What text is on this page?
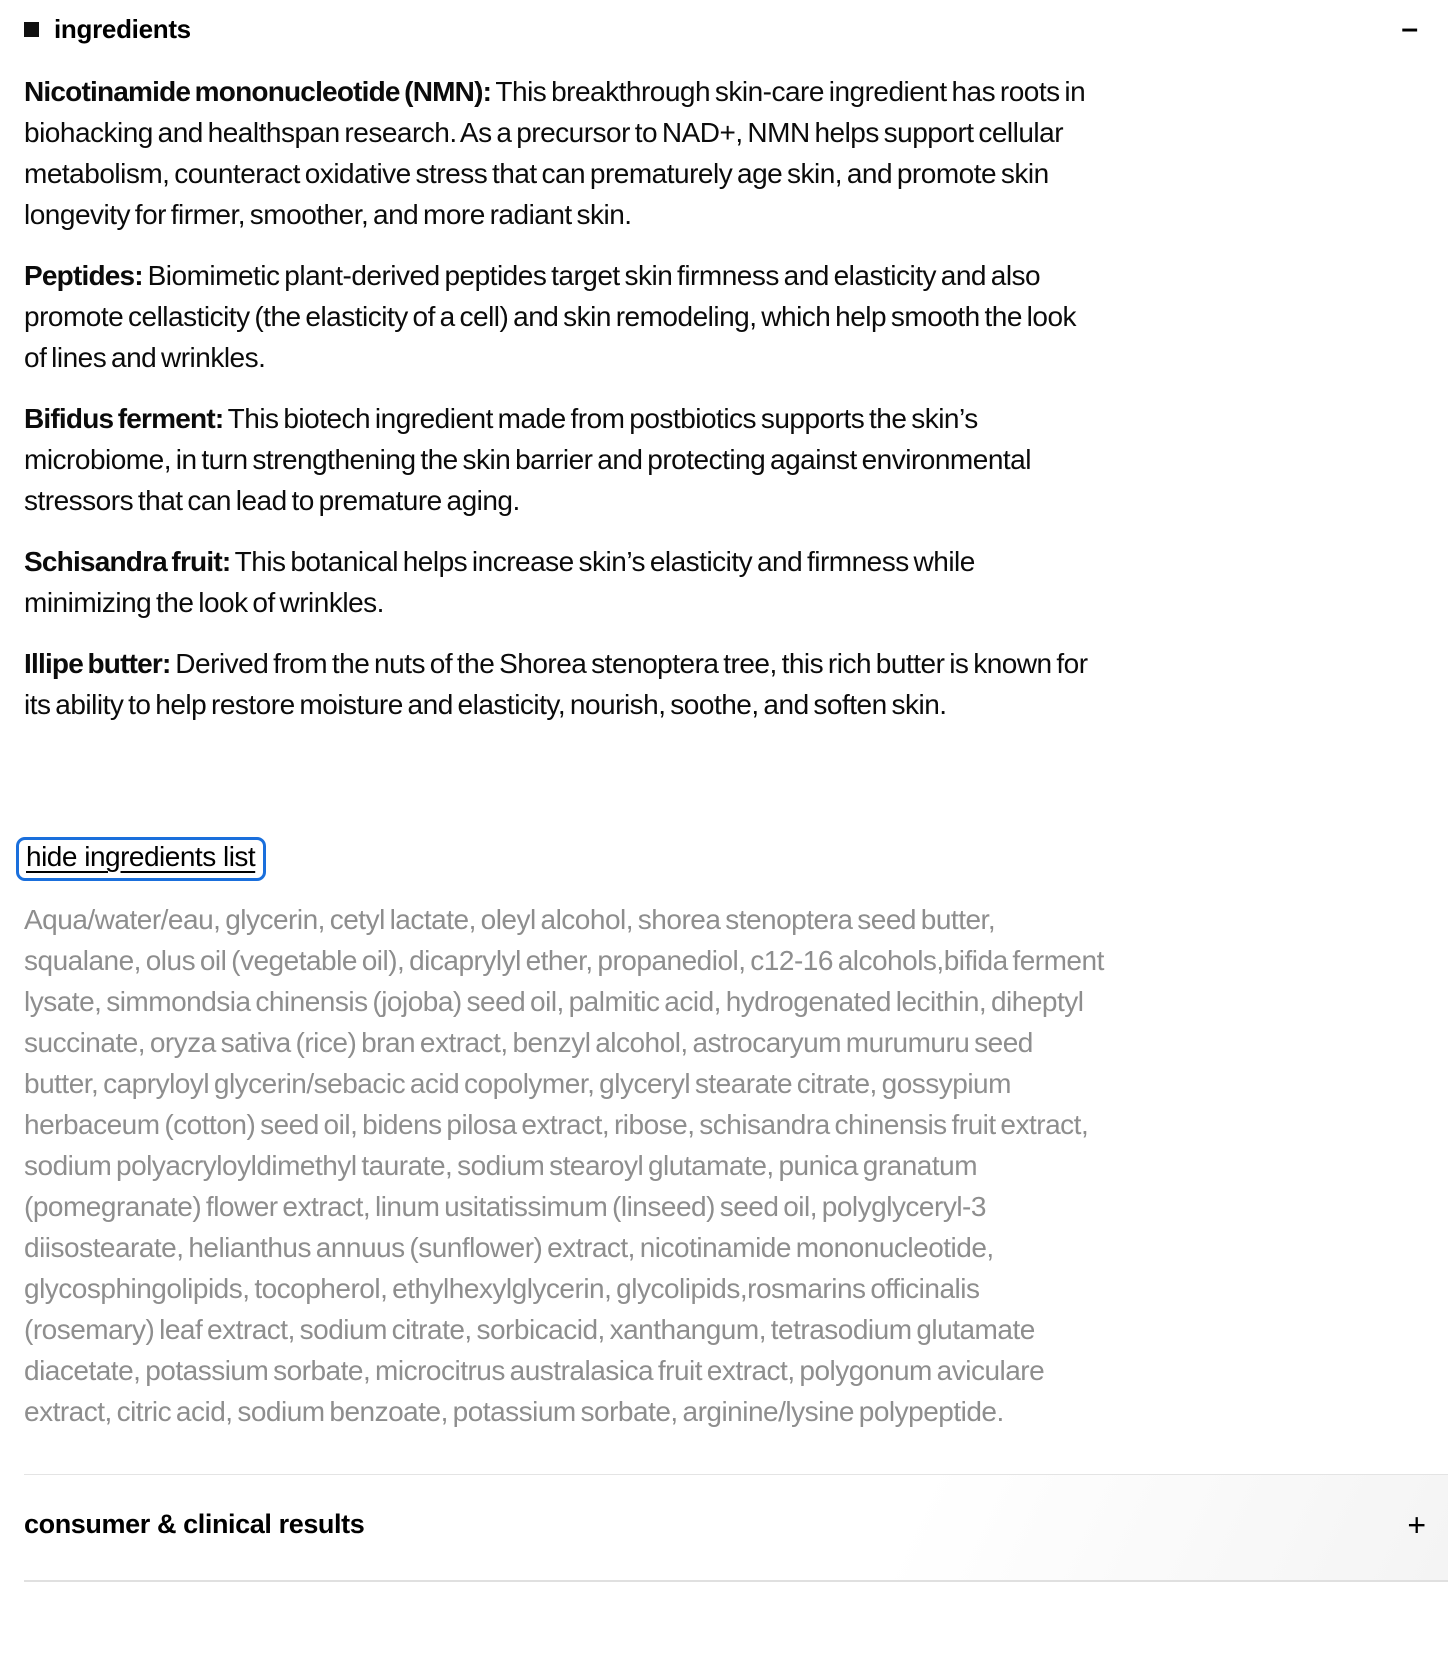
ingredients	–

Nicotinamide mononucleotide (NMN): This breakthrough skin-care ingredient has roots in biohacking and healthspan research. As a precursor to NAD+, NMN helps support cellular metabolism, counteract oxidative stress that can prematurely age skin, and promote skin longevity for firmer, smoother, and more radiant skin.

Peptides: Biomimetic plant-derived peptides target skin firmness and elasticity and also promote cellasticity (the elasticity of a cell) and skin remodeling, which help smooth the look of lines and wrinkles.

Bifidus ferment: This biotech ingredient made from postbiotics supports the skin’s microbiome, in turn strengthening the skin barrier and protecting against environmental stressors that can lead to premature aging.

Schisandra fruit: This botanical helps increase skin’s elasticity and firmness while minimizing the look of wrinkles.

Illipe butter: Derived from the nuts of the Shorea stenoptera tree, this rich butter is known for its ability to help restore moisture and elasticity, nourish, soothe, and soften skin.

hide ingredients list

Aqua/water/eau, glycerin, cetyl lactate, oleyl alcohol, shorea stenoptera seed butter, squalane, olus oil (vegetable oil), dicaprylyl ether, propanediol, c12-16 alcohols,bifida ferment lysate, simmondsia chinensis (jojoba) seed oil, palmitic acid, hydrogenated lecithin, diheptyl succinate, oryza sativa (rice) bran extract, benzyl alcohol, astrocaryum murumuru seed butter, capryloyl glycerin/sebacic acid copolymer, glyceryl stearate citrate, gossypium herbaceum (cotton) seed oil, bidens pilosa extract, ribose, schisandra chinensis fruit extract, sodium polyacryloyldimethyl taurate, sodium stearoyl glutamate, punica granatum (pomegranate) flower extract, linum usitatissimum (linseed) seed oil, polyglyceryl-3 diisostearate, helianthus annuus (sunflower) extract, nicotinamide mononucleotide, glycosphingolipids, tocopherol, ethylhexylglycerin, glycolipids,rosmarins officinalis (rosemary) leaf extract, sodium citrate, sorbicacid, xanthangum, tetrasodium glutamate diacetate, potassium sorbate, microcitrus australasica fruit extract, polygonum aviculare extract, citric acid, sodium benzoate, potassium sorbate, arginine/lysine polypeptide.

consumer & clinical results	+
